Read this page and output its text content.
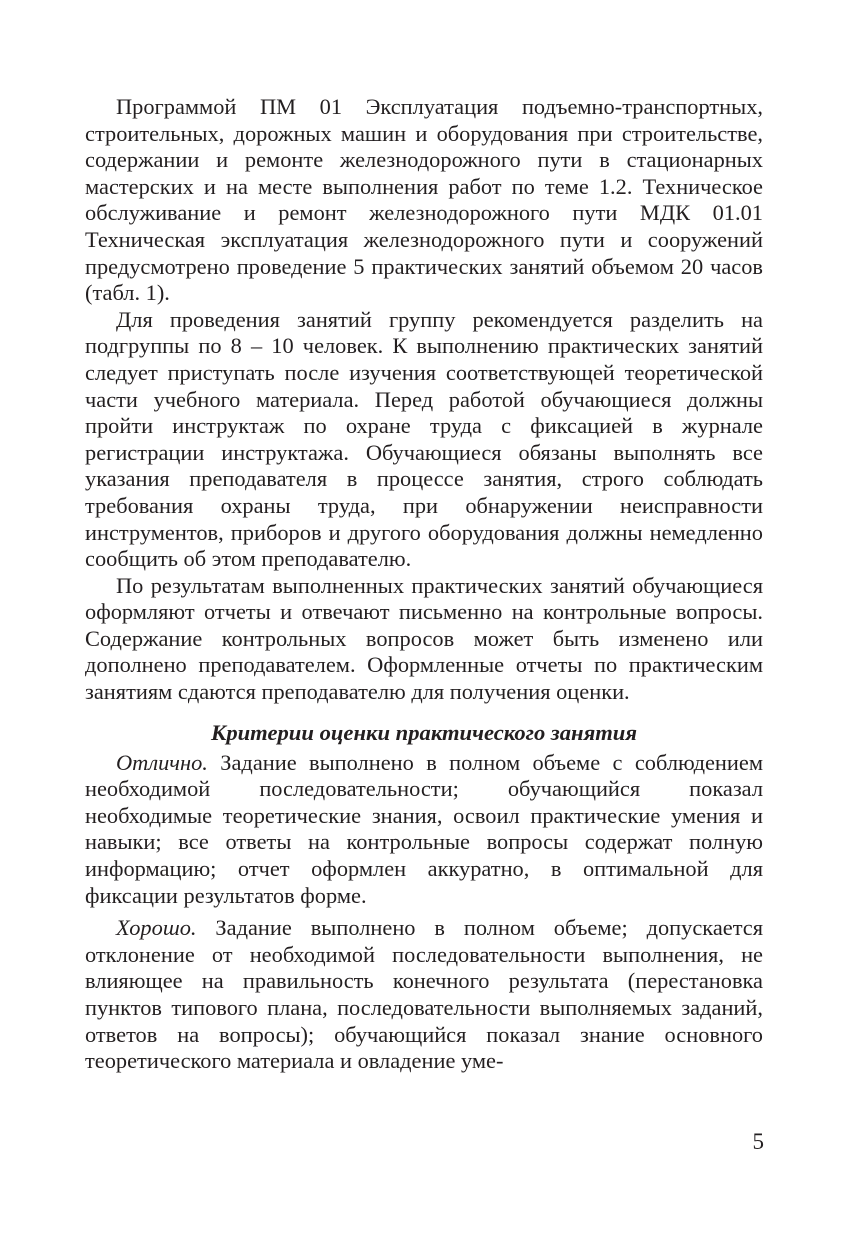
Программой ПМ 01 Эксплуатация подъемно-транспортных, строительных, дорожных машин и оборудования при строительстве, содержании и ремонте железнодорожного пути в стационарных мастерских и на месте выполнения работ по теме 1.2. Техническое обслуживание и ремонт железнодорожного пути МДК 01.01 Техническая эксплуатация железнодорожного пути и сооружений предусмотрено проведение 5 практических занятий объемом 20 часов (табл. 1).

Для проведения занятий группу рекомендуется разделить на подгруппы по 8 – 10 человек. К выполнению практических занятий следует приступать после изучения соответствующей теоретической части учебного материала. Перед работой обучающиеся должны пройти инструктаж по охране труда с фиксацией в журнале регистрации инструктажа. Обучающиеся обязаны выполнять все указания преподавателя в процессе занятия, строго соблюдать требования охраны труда, при обнаружении неисправности инструментов, приборов и другого оборудования должны немедленно сообщить об этом преподавателю.

По результатам выполненных практических занятий обучающиеся оформляют отчеты и отвечают письменно на контрольные вопросы. Содержание контрольных вопросов может быть изменено или дополнено преподавателем. Оформленные отчеты по практическим занятиям сдаются преподавателю для получения оценки.

Критерии оценки практического занятия

Отлично. Задание выполнено в полном объеме с соблюдением необходимой последовательности; обучающийся показал необходимые теоретические знания, освоил практические умения и навыки; все ответы на контрольные вопросы содержат полную информацию; отчет оформлен аккуратно, в оптимальной для фиксации результатов форме.

Хорошо. Задание выполнено в полном объеме; допускается отклонение от необходимой последовательности выполнения, не влияющее на правильность конечного результата (перестановка пунктов типового плана, последовательности выполняемых заданий, ответов на вопросы); обучающийся показал знание основного теоретического материала и овладение уме-

5
